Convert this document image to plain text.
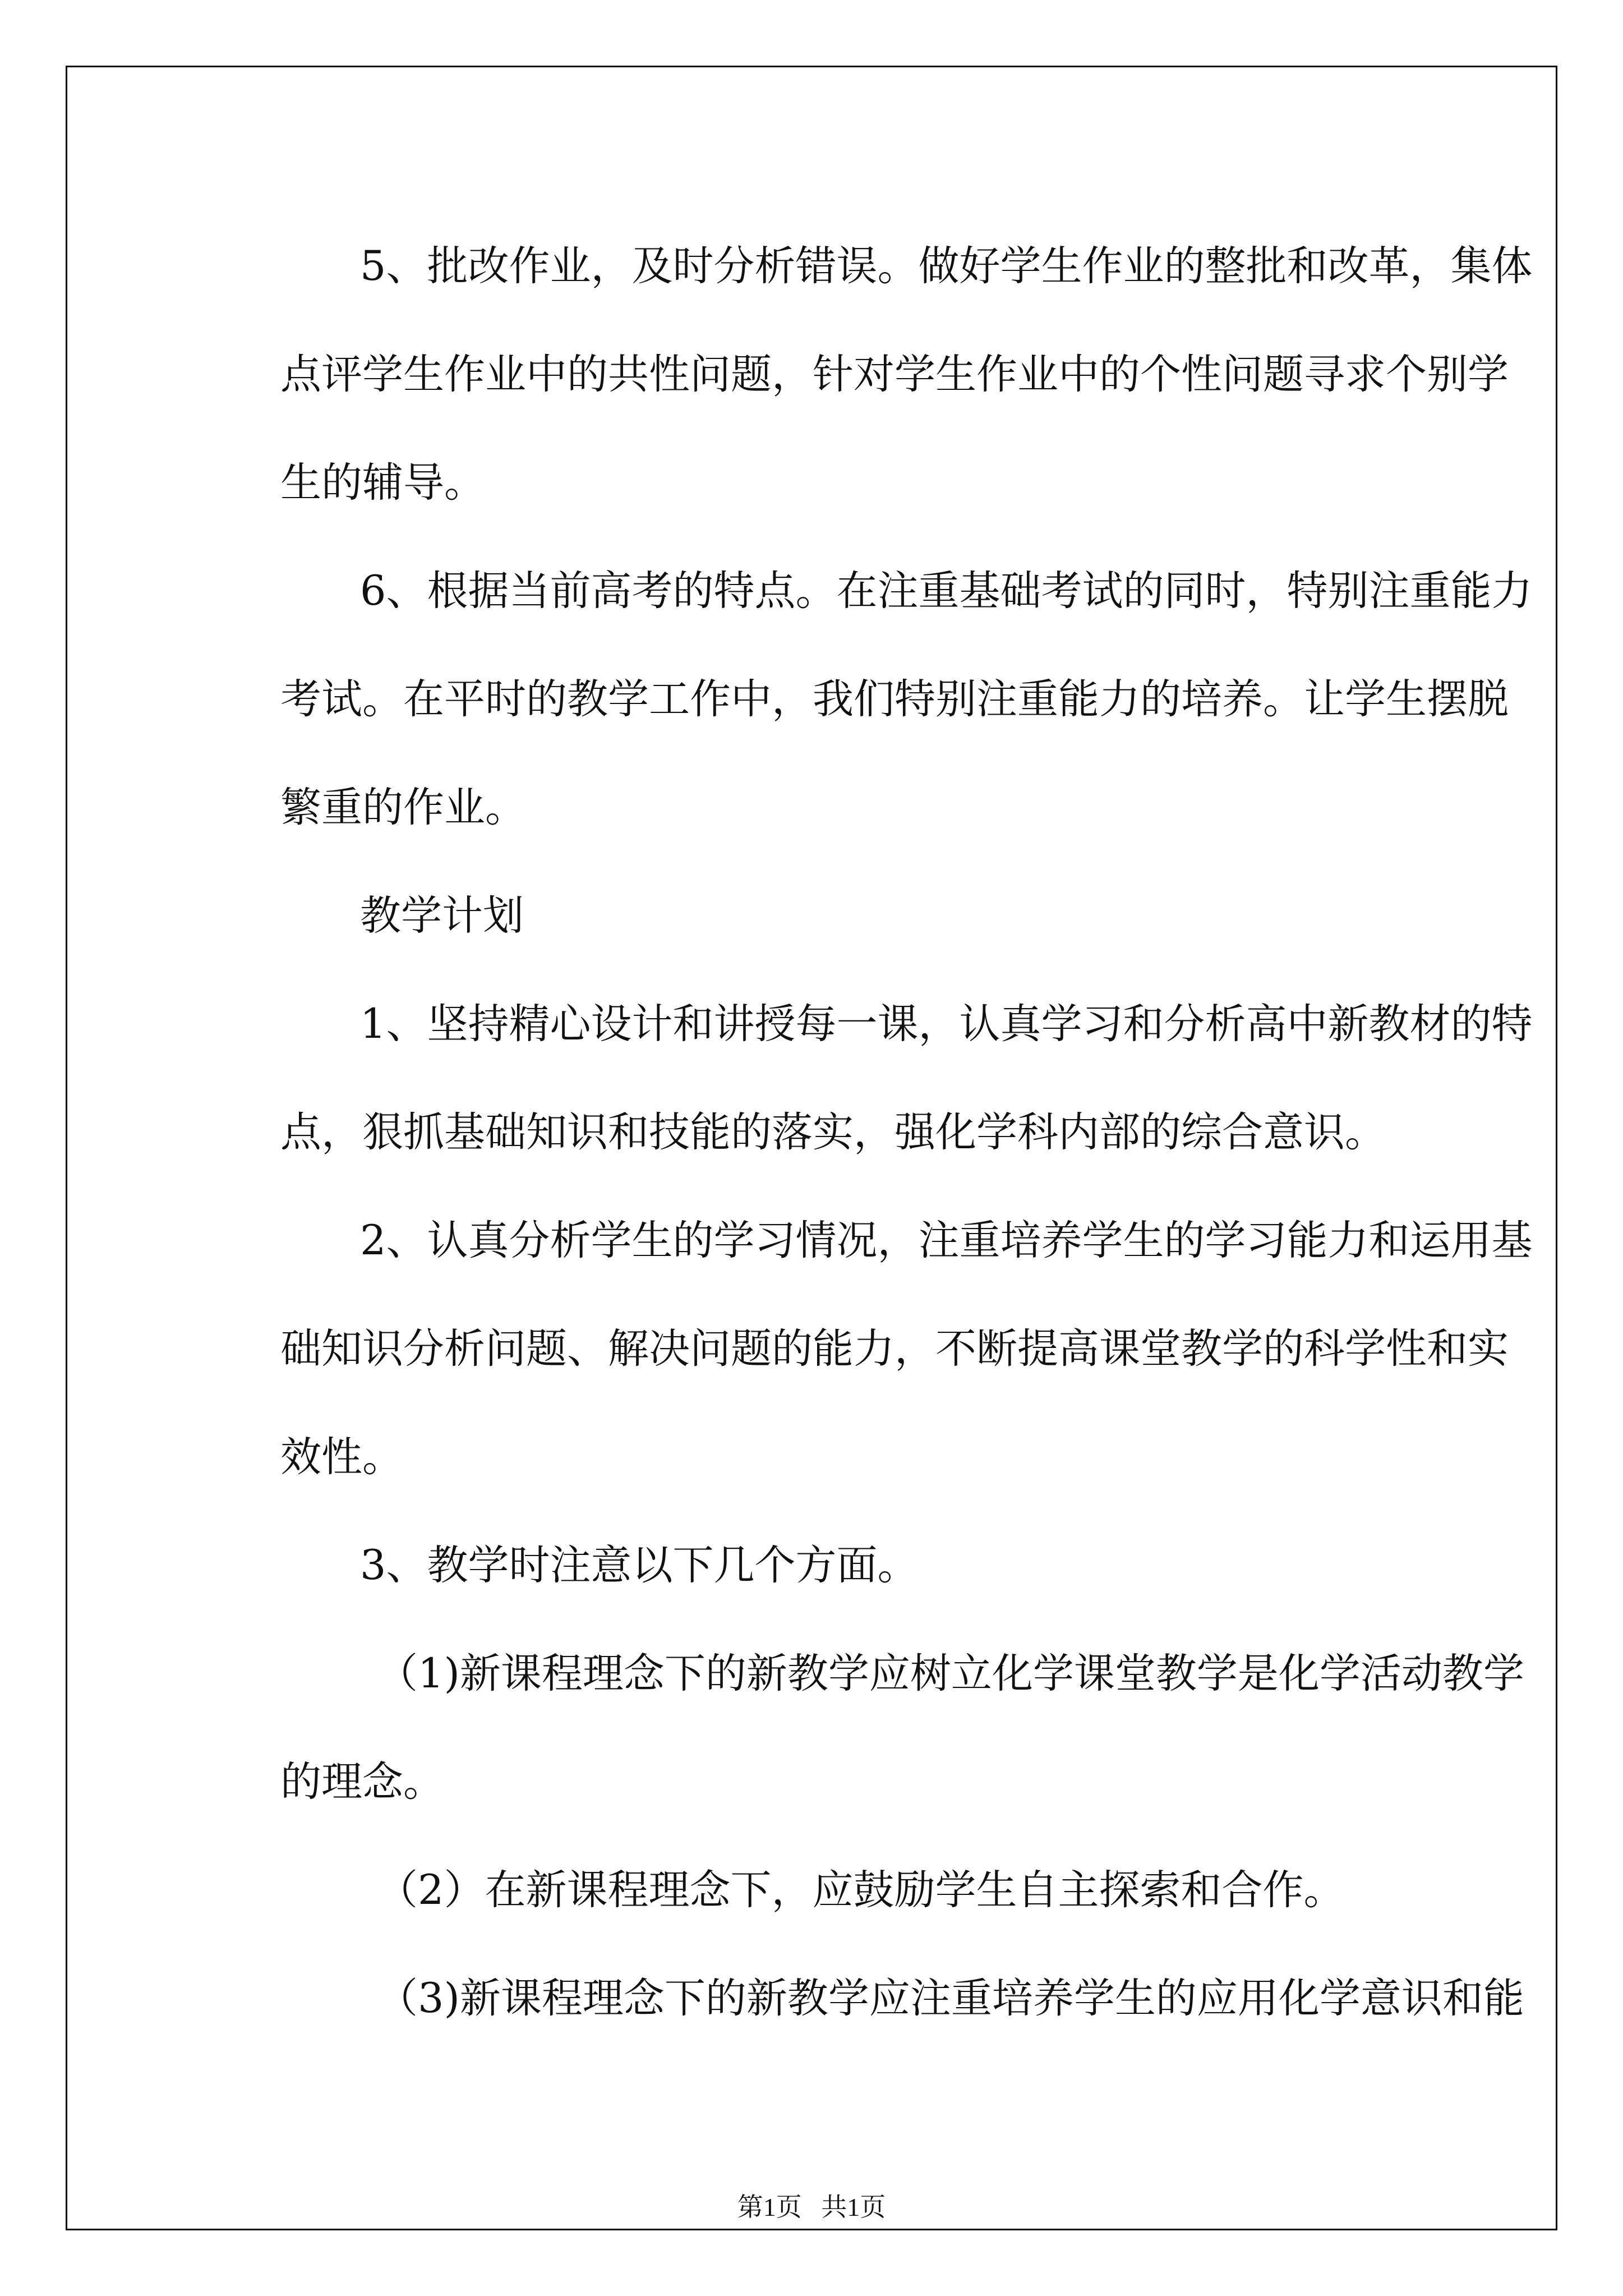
5、批改作业，及时分析错误。做好学生作业的整批和改革，集体
点评学生作业中的共性问题，针对学生作业中的个性问题寻求个别学
生的辅导。
6、根据当前高考的特点。在注重基础考试的同时，特别注重能力
考试。在平时的教学工作中，我们特别注重能力的培养。让学生摆脱
繁重的作业。
教学计划
1、坚持精心设计和讲授每一课，认真学习和分析高中新教材的特
点，狠抓基础知识和技能的落实，强化学科内部的综合意识。
2、认真分析学生的学习情况，注重培养学生的学习能力和运用基
础知识分析问题、解决问题的能力，不断提高课堂教学的科学性和实
效性。
3、教学时注意以下几个方面。
（1)新课程理念下的新教学应树立化学课堂教学是化学活动教学
的理念。
（2）在新课程理念下，应鼓励学生自主探索和合作。
（3)新课程理念下的新教学应注重培养学生的应用化学意识和能
第1页 共1页
